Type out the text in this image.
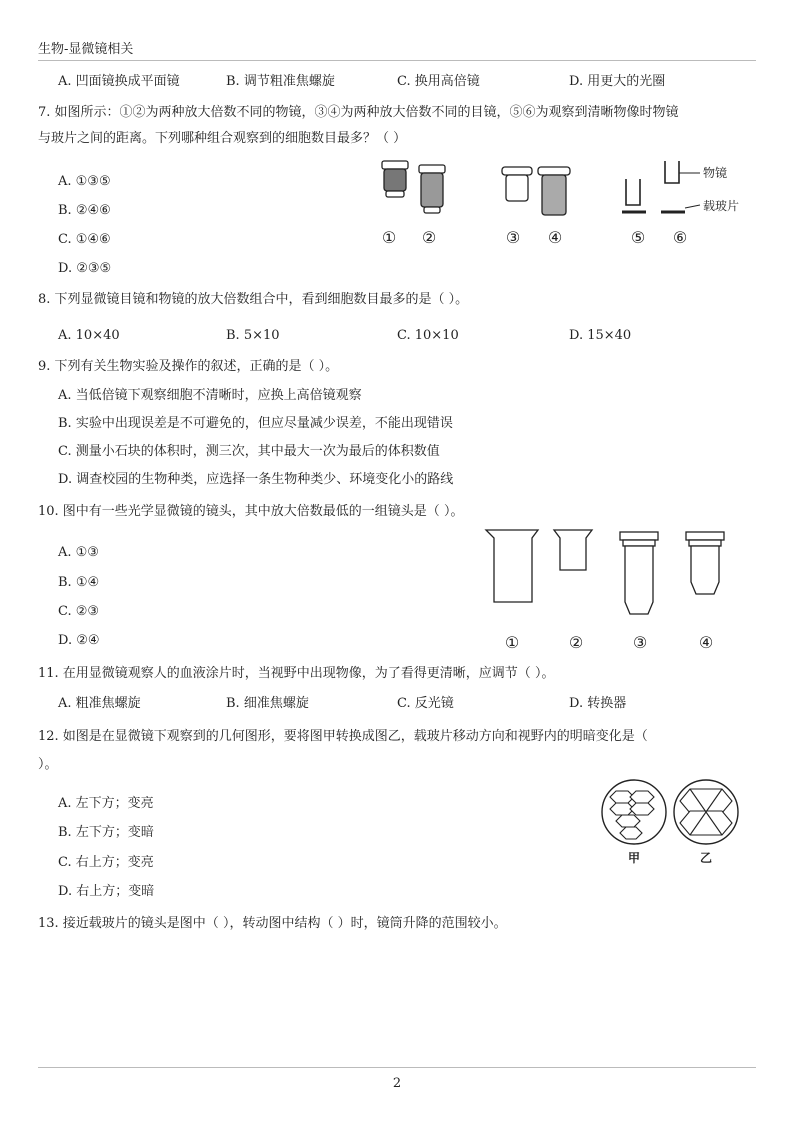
生物-显微镜相关
A. 凹面镜换成平面镜	B. 调节粗准焦螺旋	C. 换用高倍镜	D. 用更大的光圈
7. 如图所示：①②为两种放大倍数不同的物镜，③④为两种放大倍数不同的目镜，⑤⑥为观察到清晰物像时物镜
与玻片之间的距离。下列哪种组合观察到的细胞数目最多？（ ）
A. ①③⑤
B. ②④⑥
C. ①④⑥
D. ②③⑤
物镜
载玻片
① ②	③ ④	⑤ ⑥
8. 下列显微镜目镜和物镜的放大倍数组合中，看到细胞数目最多的是（ ）。
A. 10×40	B. 5×10	C. 10×10	D. 15×40
9. 下列有关生物实验及操作的叙述，正确的是（ ）。
A. 当低倍镜下观察细胞不清晰时，应换上高倍镜观察
B. 实验中出现误差是不可避免的，但应尽量减少误差，不能出现错误
C. 测量小石块的体积时，测三次，其中最大一次为最后的体积数值
D. 调查校园的生物种类，应选择一条生物种类少、环境变化小的路线
10. 图中有一些光学显微镜的镜头，其中放大倍数最低的一组镜头是（ ）。
A. ①③
B. ①④
C. ②③
D. ②④	①	②	③	④
11. 在用显微镜观察人的血液涂片时，当视野中出现物像，为了看得更清晰，应调节（ ）。
A. 粗准焦螺旋	B. 细准焦螺旋	C. 反光镜	D. 转换器
12. 如图是在显微镜下观察到的几何图形，要将图甲转换成图乙，载玻片移动方向和视野内的明暗变化是（
）。
A. 左下方；变亮
B. 左下方；变暗
C. 右上方；变亮
D. 右上方；变暗
甲	乙
13. 接近载玻片的镜头是图中（ ），转动图中结构（ ）时，镜筒升降的范围较小。
2
